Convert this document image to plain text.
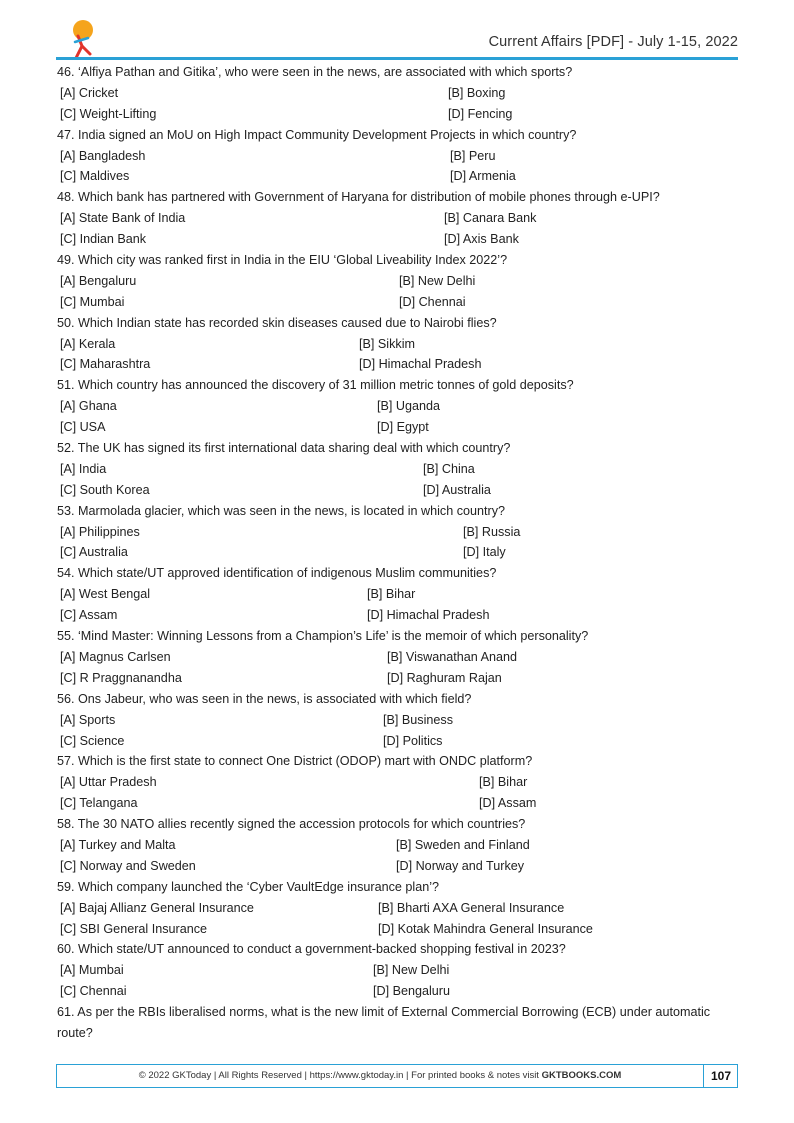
Current Affairs [PDF] - July 1-15, 2022
46. ‘Alfiya Pathan and Gitika’, who were seen in the news, are associated with which sports?
[A] Cricket	[B] Boxing
[C] Weight-Lifting	[D] Fencing
47. India signed an MoU on High Impact Community Development Projects in which country?
[A] Bangladesh	[B] Peru
[C] Maldives	[D] Armenia
48. Which bank has partnered with Government of Haryana for distribution of mobile phones through e-UPI?
[A] State Bank of India	[B] Canara Bank
[C] Indian Bank	[D] Axis Bank
49. Which city was ranked first in India in the EIU ‘Global Liveability Index 2022’?
[A] Bengaluru	[B] New Delhi
[C] Mumbai	[D] Chennai
50. Which Indian state has recorded skin diseases caused due to Nairobi flies?
[A] Kerala	[B] Sikkim
[C] Maharashtra	[D] Himachal Pradesh
51. Which country has announced the discovery of 31 million metric tonnes of gold deposits?
[A] Ghana	[B] Uganda
[C] USA	[D] Egypt
52. The UK has signed its first international data sharing deal with which country?
[A] India	[B] China
[C] South Korea	[D] Australia
53. Marmolada glacier, which was seen in the news, is located in which country?
[A] Philippines	[B] Russia
[C] Australia	[D] Italy
54. Which state/UT approved identification of indigenous Muslim communities?
[A] West Bengal	[B] Bihar
[C] Assam	[D] Himachal Pradesh
55. ‘Mind Master: Winning Lessons from a Champion’s Life’ is the memoir of which personality?
[A] Magnus Carlsen	[B] Viswanathan Anand
[C] R Praggnanandha	[D] Raghuram Rajan
56. Ons Jabeur, who was seen in the news, is associated with which field?
[A] Sports	[B] Business
[C] Science	[D] Politics
57. Which is the first state to connect One District (ODOP) mart with ONDC platform?
[A] Uttar Pradesh	[B] Bihar
[C] Telangana	[D] Assam
58. The 30 NATO allies recently signed the accession protocols for which countries?
[A] Turkey and Malta	[B] Sweden and Finland
[C] Norway and Sweden	[D] Norway and Turkey
59. Which company launched the ‘Cyber VaultEdge insurance plan’?
[A] Bajaj Allianz General Insurance	[B] Bharti AXA General Insurance
[C] SBI General Insurance	[D] Kotak Mahindra General Insurance
60. Which state/UT announced to conduct a government-backed shopping festival in 2023?
[A] Mumbai	[B] New Delhi
[C] Chennai	[D] Bengaluru
61. As per the RBIs liberalised norms, what is the new limit of External Commercial Borrowing (ECB) under automatic route?
© 2022 GKToday | All Rights Reserved | https://www.gktoday.in | For printed books & notes visit GKTBOOKS.COM	107
